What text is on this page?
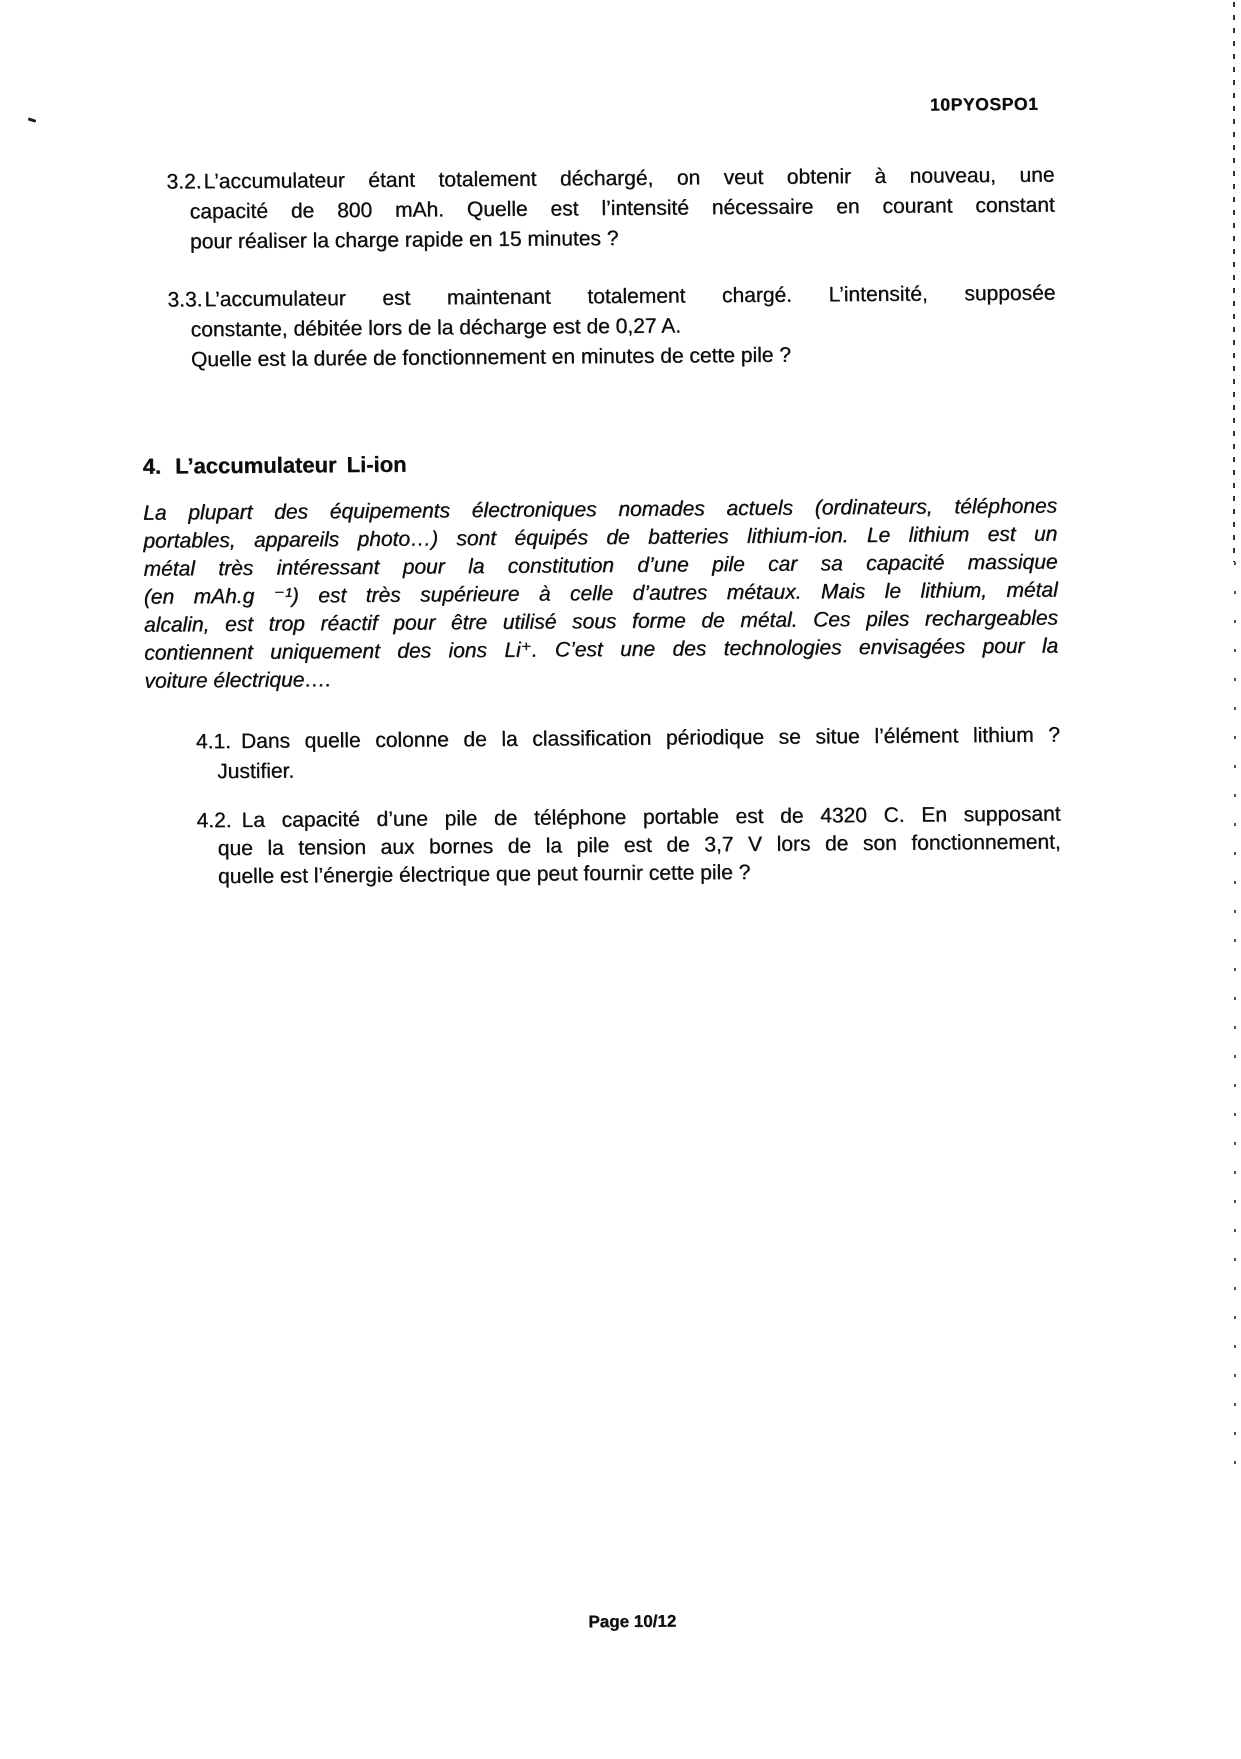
10PYOSPO1
3.2.L’accumulateur étant totalement déchargé, on veut obtenir à nouveau, une
capacité de 800 mAh. Quelle est l’intensité nécessaire en courant constant
pour réaliser la charge rapide en 15 minutes ?
3.3.L’accumulateur est maintenant totalement chargé. L’intensité, supposée
constante, débitée lors de la décharge est de 0,27 A.
Quelle est la durée de fonctionnement en minutes de cette pile ?
4. L’accumulateur Li-ion
La plupart des équipements électroniques nomades actuels (ordinateurs, téléphones
portables, appareils photo…) sont équipés de batteries lithium-ion. Le lithium est un
métal très intéressant pour la constitution d’une pile car sa capacité massique
(en mAh.g ⁻¹) est très supérieure à celle d’autres métaux. Mais le lithium, métal
alcalin, est trop réactif pour être utilisé sous forme de métal. Ces piles rechargeables
contiennent uniquement des ions Li⁺. C’est une des technologies envisagées pour la
voiture électrique….
4.1. Dans quelle colonne de la classification périodique se situe l’élément lithium ?
Justifier.
4.2. La capacité d’une pile de téléphone portable est de 4320 C. En supposant
que la tension aux bornes de la pile est de 3,7 V lors de son fonctionnement,
quelle est l’énergie électrique que peut fournir cette pile ?
Page 10/12
